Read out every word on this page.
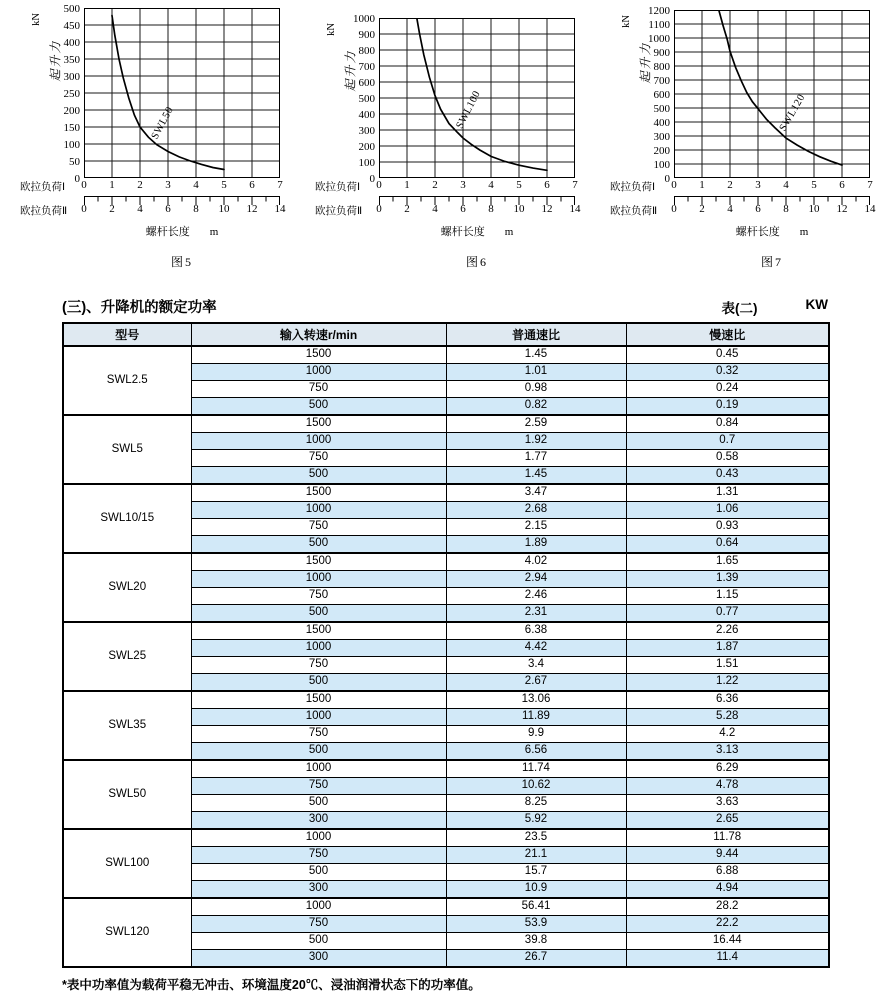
kN
起升力
500
450
400
350
300
250
200
150
100
50
0
SWL50
欧拉负荷Ⅰ	0	1	2	3	4	5	6	7
欧拉负荷Ⅱ	0	2	4	6	8	10	12	14
螺杆长度 m
图5
kN
起升力
1000
900
800
700
600
500
400
300
200
100
0
SWL100
欧拉负荷Ⅰ	0	1	2	3	4	5	6	7
欧拉负荷Ⅱ	0	2	4	6	8	10	12	14
螺杆长度 m
图6
kN
起升力
1200
1100
1000
900
800
700
600
500
400
300
200
100
0
SWL120
欧拉负荷Ⅰ	0	1	2	3	4	5	6	7
欧拉负荷Ⅱ	0	2	4	6	8	10	12	14
螺杆长度 m
图7
(三)、升降机的额定功率	表(二)	KW
型号	输入转速r/min	普通速比	慢速比
SWL2.5	1500	1.45	0.45
	1000	1.01	0.32
	750	0.98	0.24
	500	0.82	0.19
SWL5	1500	2.59	0.84
	1000	1.92	0.7
	750	1.77	0.58
	500	1.45	0.43
SWL10/15	1500	3.47	1.31
	1000	2.68	1.06
	750	2.15	0.93
	500	1.89	0.64
SWL20	1500	4.02	1.65
	1000	2.94	1.39
	750	2.46	1.15
	500	2.31	0.77
SWL25	1500	6.38	2.26
	1000	4.42	1.87
	750	3.4	1.51
	500	2.67	1.22
SWL35	1500	13.06	6.36
	1000	11.89	5.28
	750	9.9	4.2
	500	6.56	3.13
SWL50	1000	11.74	6.29
	750	10.62	4.78
	500	8.25	3.63
	300	5.92	2.65
SWL100	1000	23.5	11.78
	750	21.1	9.44
	500	15.7	6.88
	300	10.9	4.94
SWL120	1000	56.41	28.2
	750	53.9	22.2
	500	39.8	16.44
	300	26.7	11.4
*表中功率值为载荷平稳无冲击、环境温度20℃、浸油润滑状态下的功率值。
